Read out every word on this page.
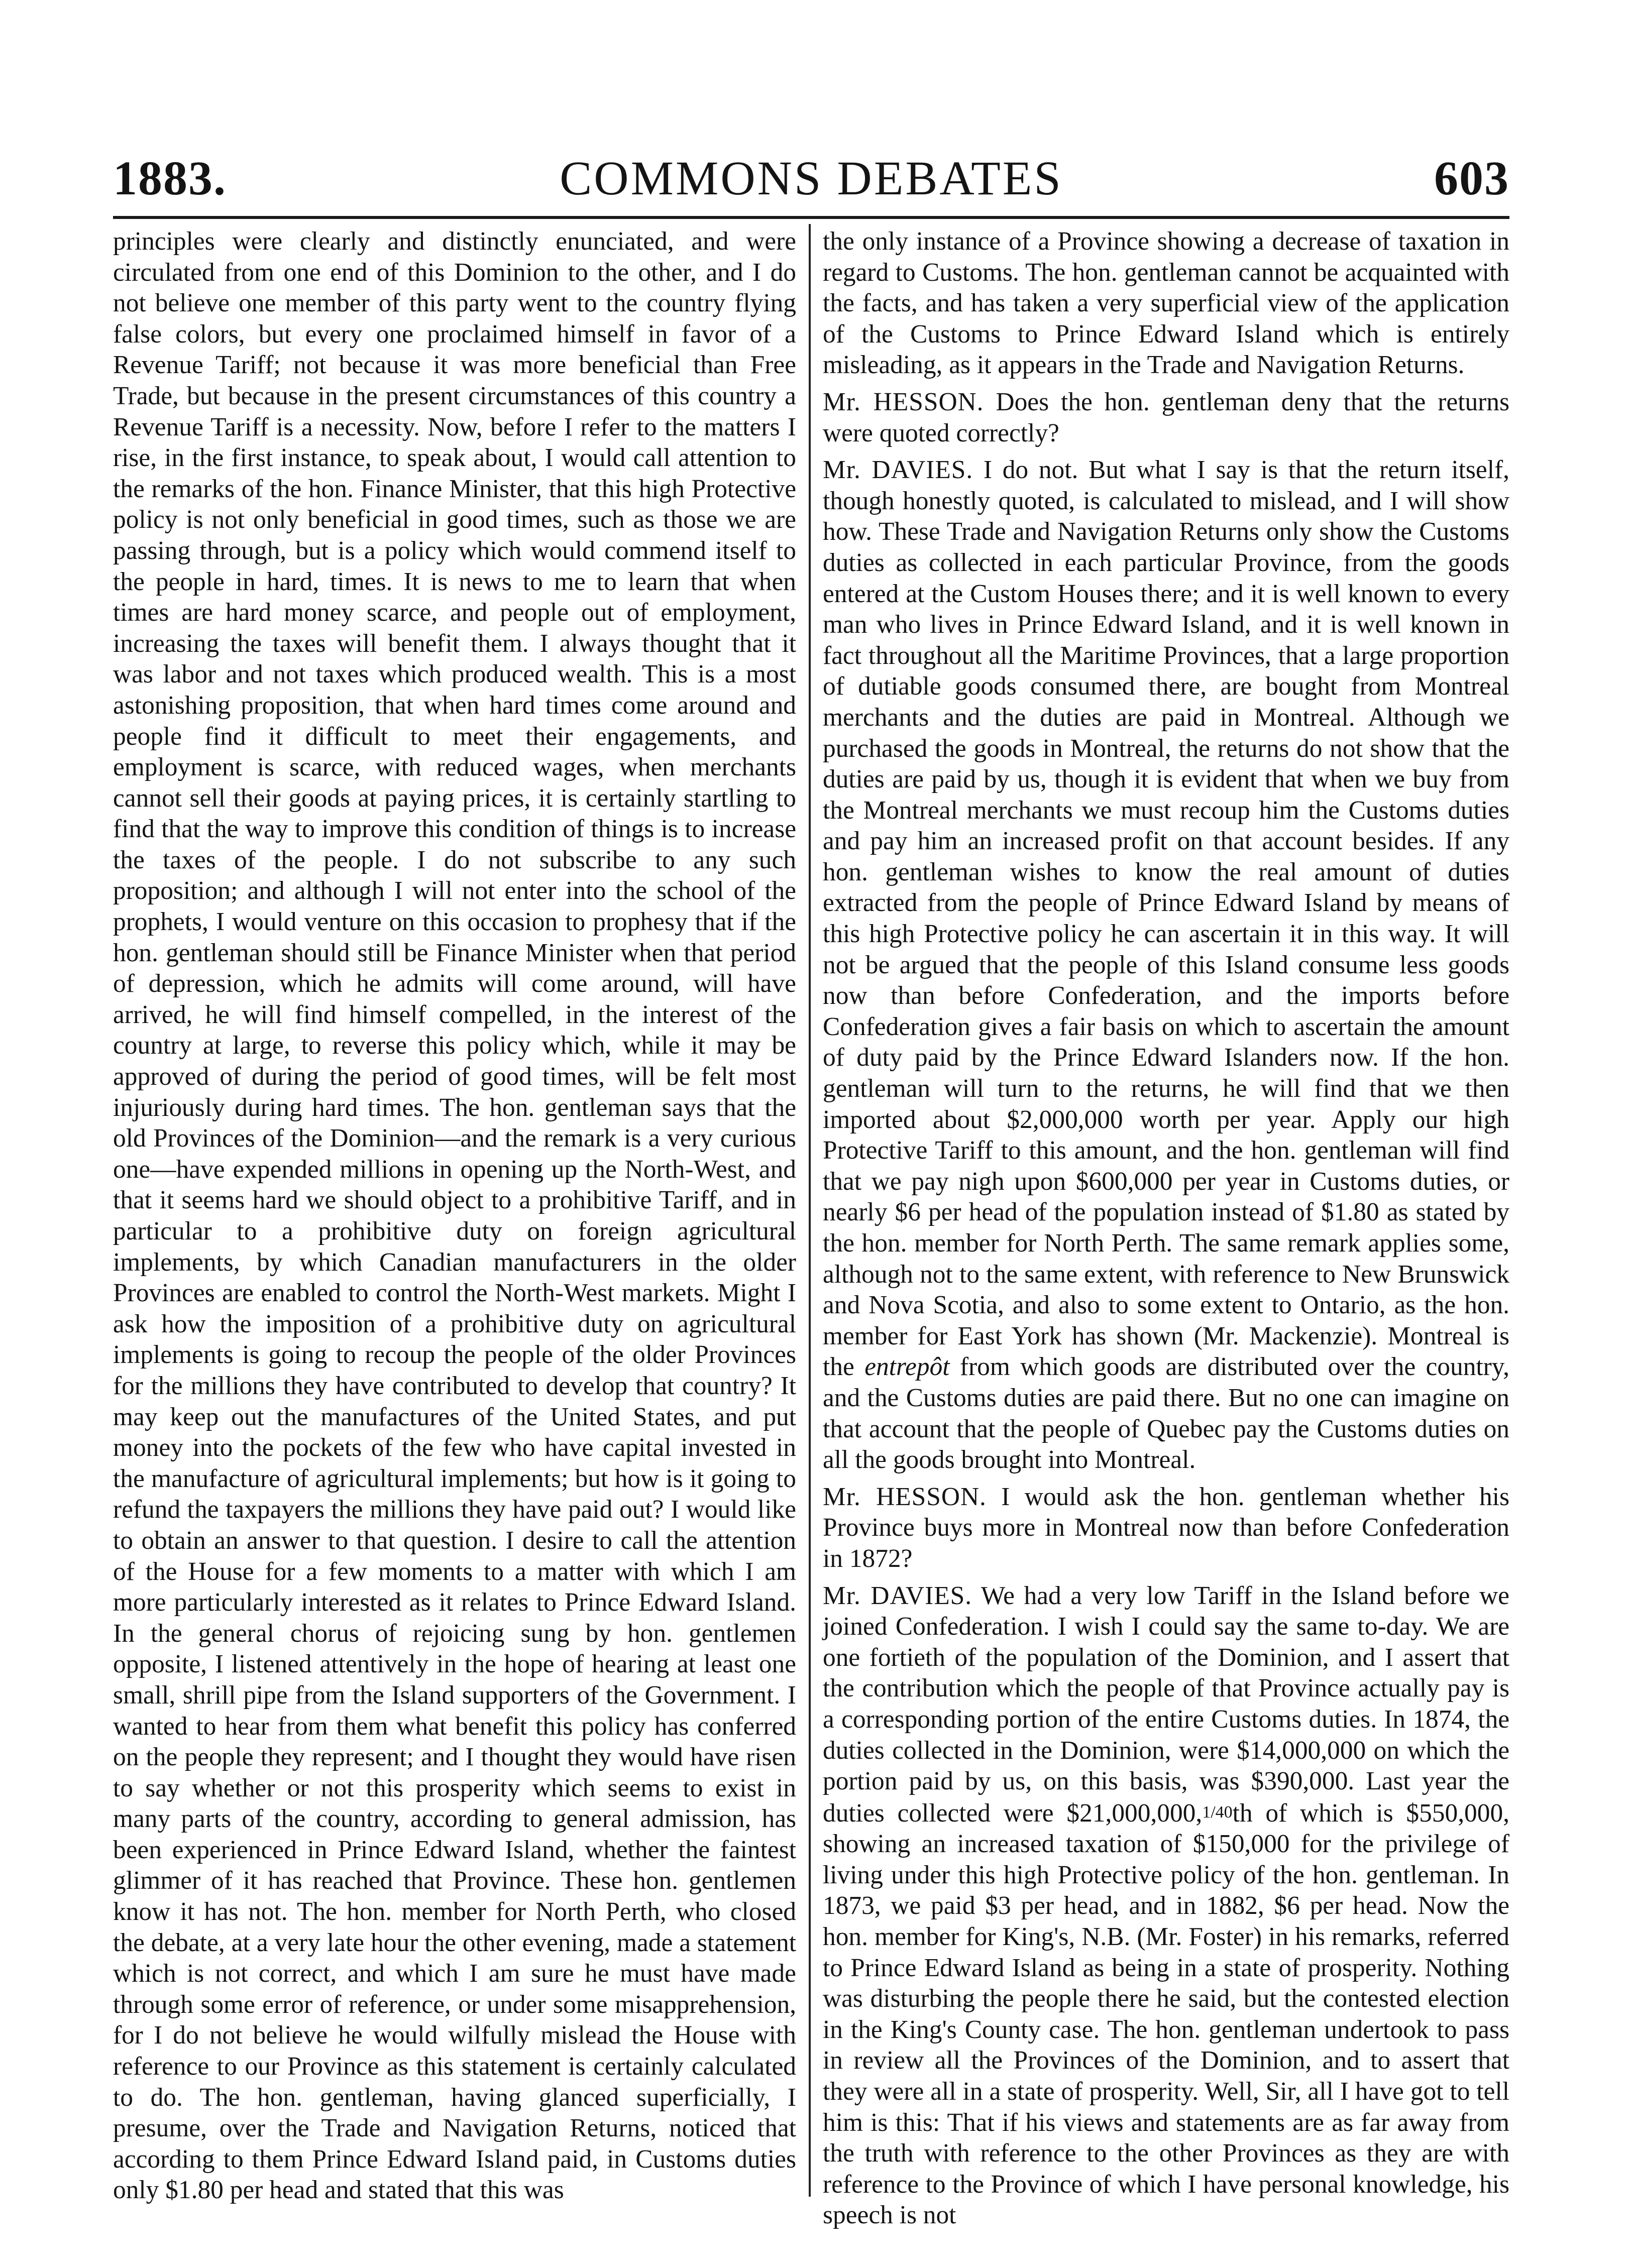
COMMONS DEBATES
1883.	603

principles were clearly and distinctly enunciated, and were circulated from one end of this Dominion to the other, and I do not believe one member of this party went to the country flying false colors, but every one proclaimed himself in favor of a Revenue Tariff; not because it was more beneficial than Free Trade, but because in the present circumstances of this country a Revenue Tariff is a necessity. Now, before I refer to the matters I rise, in the first instance, to speak about, I would call attention to the remarks of the hon. Finance Minister, that this high Protective policy is not only beneficial in good times, such as those we are passing through, but is a policy which would commend itself to the people in hard, times. It is news to me to learn that when times are hard money scarce, and people out of employment, increasing the taxes will benefit them. I always thought that it was labor and not taxes which produced wealth. This is a most astonishing proposition, that when hard times come around and people find it difficult to meet their engagements, and employment is scarce, with reduced wages, when merchants cannot sell their goods at paying prices, it is certainly startling to find that the way to improve this condition of things is to increase the taxes of the people. I do not subscribe to any such proposition; and although I will not enter into the school of the prophets, I would venture on this occasion to prophesy that if the hon. gentleman should still be Finance Minister when that period of depression, which he admits will come around, will have arrived, he will find himself compelled, in the interest of the country at large, to reverse this policy which, while it may be approved of during the period of good times, will be felt most injuriously during hard times. The hon. gentleman says that the old Provinces of the Dominion—and the remark is a very curious one—have expended millions in opening up the North-West, and that it seems hard we should object to a prohibitive Tariff, and in particular to a prohibitive duty on foreign agricultural implements, by which Canadian manufacturers in the older Provinces are enabled to control the North-West markets. Might I ask how the imposition of a prohibitive duty on agricultural implements is going to recoup the people of the older Provinces for the millions they have contributed to develop that country? It may keep out the manufactures of the United States, and put money into the pockets of the few who have capital invested in the manufacture of agricultural implements; but how is it going to refund the taxpayers the millions they have paid out? I would like to obtain an answer to that question. I desire to call the attention of the House for a few moments to a matter with which I am more particularly interested as it relates to Prince Edward Island. In the general chorus of rejoicing sung by hon. gentlemen opposite, I listened attentively in the hope of hearing at least one small, shrill pipe from the Island supporters of the Government. I wanted to hear from them what benefit this policy has conferred on the people they represent; and I thought they would have risen to say whether or not this prosperity which seems to exist in many parts of the country, according to general admission, has been experienced in Prince Edward Island, whether the faintest glimmer of it has reached that Province. These hon. gentlemen know it has not. The hon. member for North Perth, who closed the debate, at a very late hour the other evening, made a statement which is not correct, and which I am sure he must have made through some error of reference, or under some misapprehension, for I do not believe he would wilfully mislead the House with reference to our Province as this statement is certainly calculated to do. The hon. gentleman, having glanced superficially, I presume, over the Trade and Navigation Returns, noticed that according to them Prince Edward Island paid, in Customs duties only $1.80 per head and stated that this was

the only instance of a Province showing a decrease of taxation in regard to Customs. The hon. gentleman cannot be acquainted with the facts, and has taken a very superficial view of the application of the Customs to Prince Edward Island which is entirely misleading, as it appears in the Trade and Navigation Returns.

Mr. HESSON. Does the hon. gentleman deny that the returns were quoted correctly?

Mr. DAVIES. I do not. But what I say is that the return itself, though honestly quoted, is calculated to mislead, and I will show how. These Trade and Navigation Returns only show the Customs duties as collected in each particular Province, from the goods entered at the Custom Houses there; and it is well known to every man who lives in Prince Edward Island, and it is well known in fact throughout all the Maritime Provinces, that a large proportion of dutiable goods consumed there, are bought from Montreal merchants and the duties are paid in Montreal. Although we purchased the goods in Montreal, the returns do not show that the duties are paid by us, though it is evident that when we buy from the Montreal merchants we must recoup him the Customs duties and pay him an increased profit on that account besides. If any hon. gentleman wishes to know the real amount of duties extracted from the people of Prince Edward Island by means of this high Protective policy he can ascertain it in this way. It will not be argued that the people of this Island consume less goods now than before Confederation, and the imports before Confederation gives a fair basis on which to ascertain the amount of duty paid by the Prince Edward Islanders now. If the hon. gentleman will turn to the returns, he will find that we then imported about $2,000,000 worth per year. Apply our high Protective Tariff to this amount, and the hon. gentleman will find that we pay nigh upon $600,000 per year in Customs duties, or nearly $6 per head of the population instead of $1.80 as stated by the hon. member for North Perth. The same remark applies some, although not to the same extent, with reference to New Brunswick and Nova Scotia, and also to some extent to Ontario, as the hon. member for East York has shown (Mr. Mackenzie). Montreal is the entrepôt from which goods are distributed over the country, and the Customs duties are paid there. But no one can imagine on that account that the people of Quebec pay the Customs duties on all the goods brought into Montreal.

Mr. HESSON. I would ask the hon. gentleman whether his Province buys more in Montreal now than before Confederation in 1872?

Mr. DAVIES. We had a very low Tariff in the Island before we joined Confederation. I wish I could say the same to-day. We are one fortieth of the population of the Dominion, and I assert that the contribution which the people of that Province actually pay is a corresponding portion of the entire Customs duties. In 1874, the duties collected in the Dominion, were $14,000,000 on which the portion paid by us, on this basis, was $390,000. Last year the duties collected were $21,000,000,1/40th of which is $550,000, showing an increased taxation of $150,000 for the privilege of living under this high Protective policy of the hon. gentleman. In 1873, we paid $3 per head, and in 1882, $6 per head. Now the hon. member for King's, N.B. (Mr. Foster) in his remarks, referred to Prince Edward Island as being in a state of prosperity. Nothing was disturbing the people there he said, but the contested election in the King's County case. The hon. gentleman undertook to pass in review all the Provinces of the Dominion, and to assert that they were all in a state of prosperity. Well, Sir, all I have got to tell him is this: That if his views and statements are as far away from the truth with reference to the other Provinces as they are with reference to the Province of which I have personal knowledge, his speech is not
